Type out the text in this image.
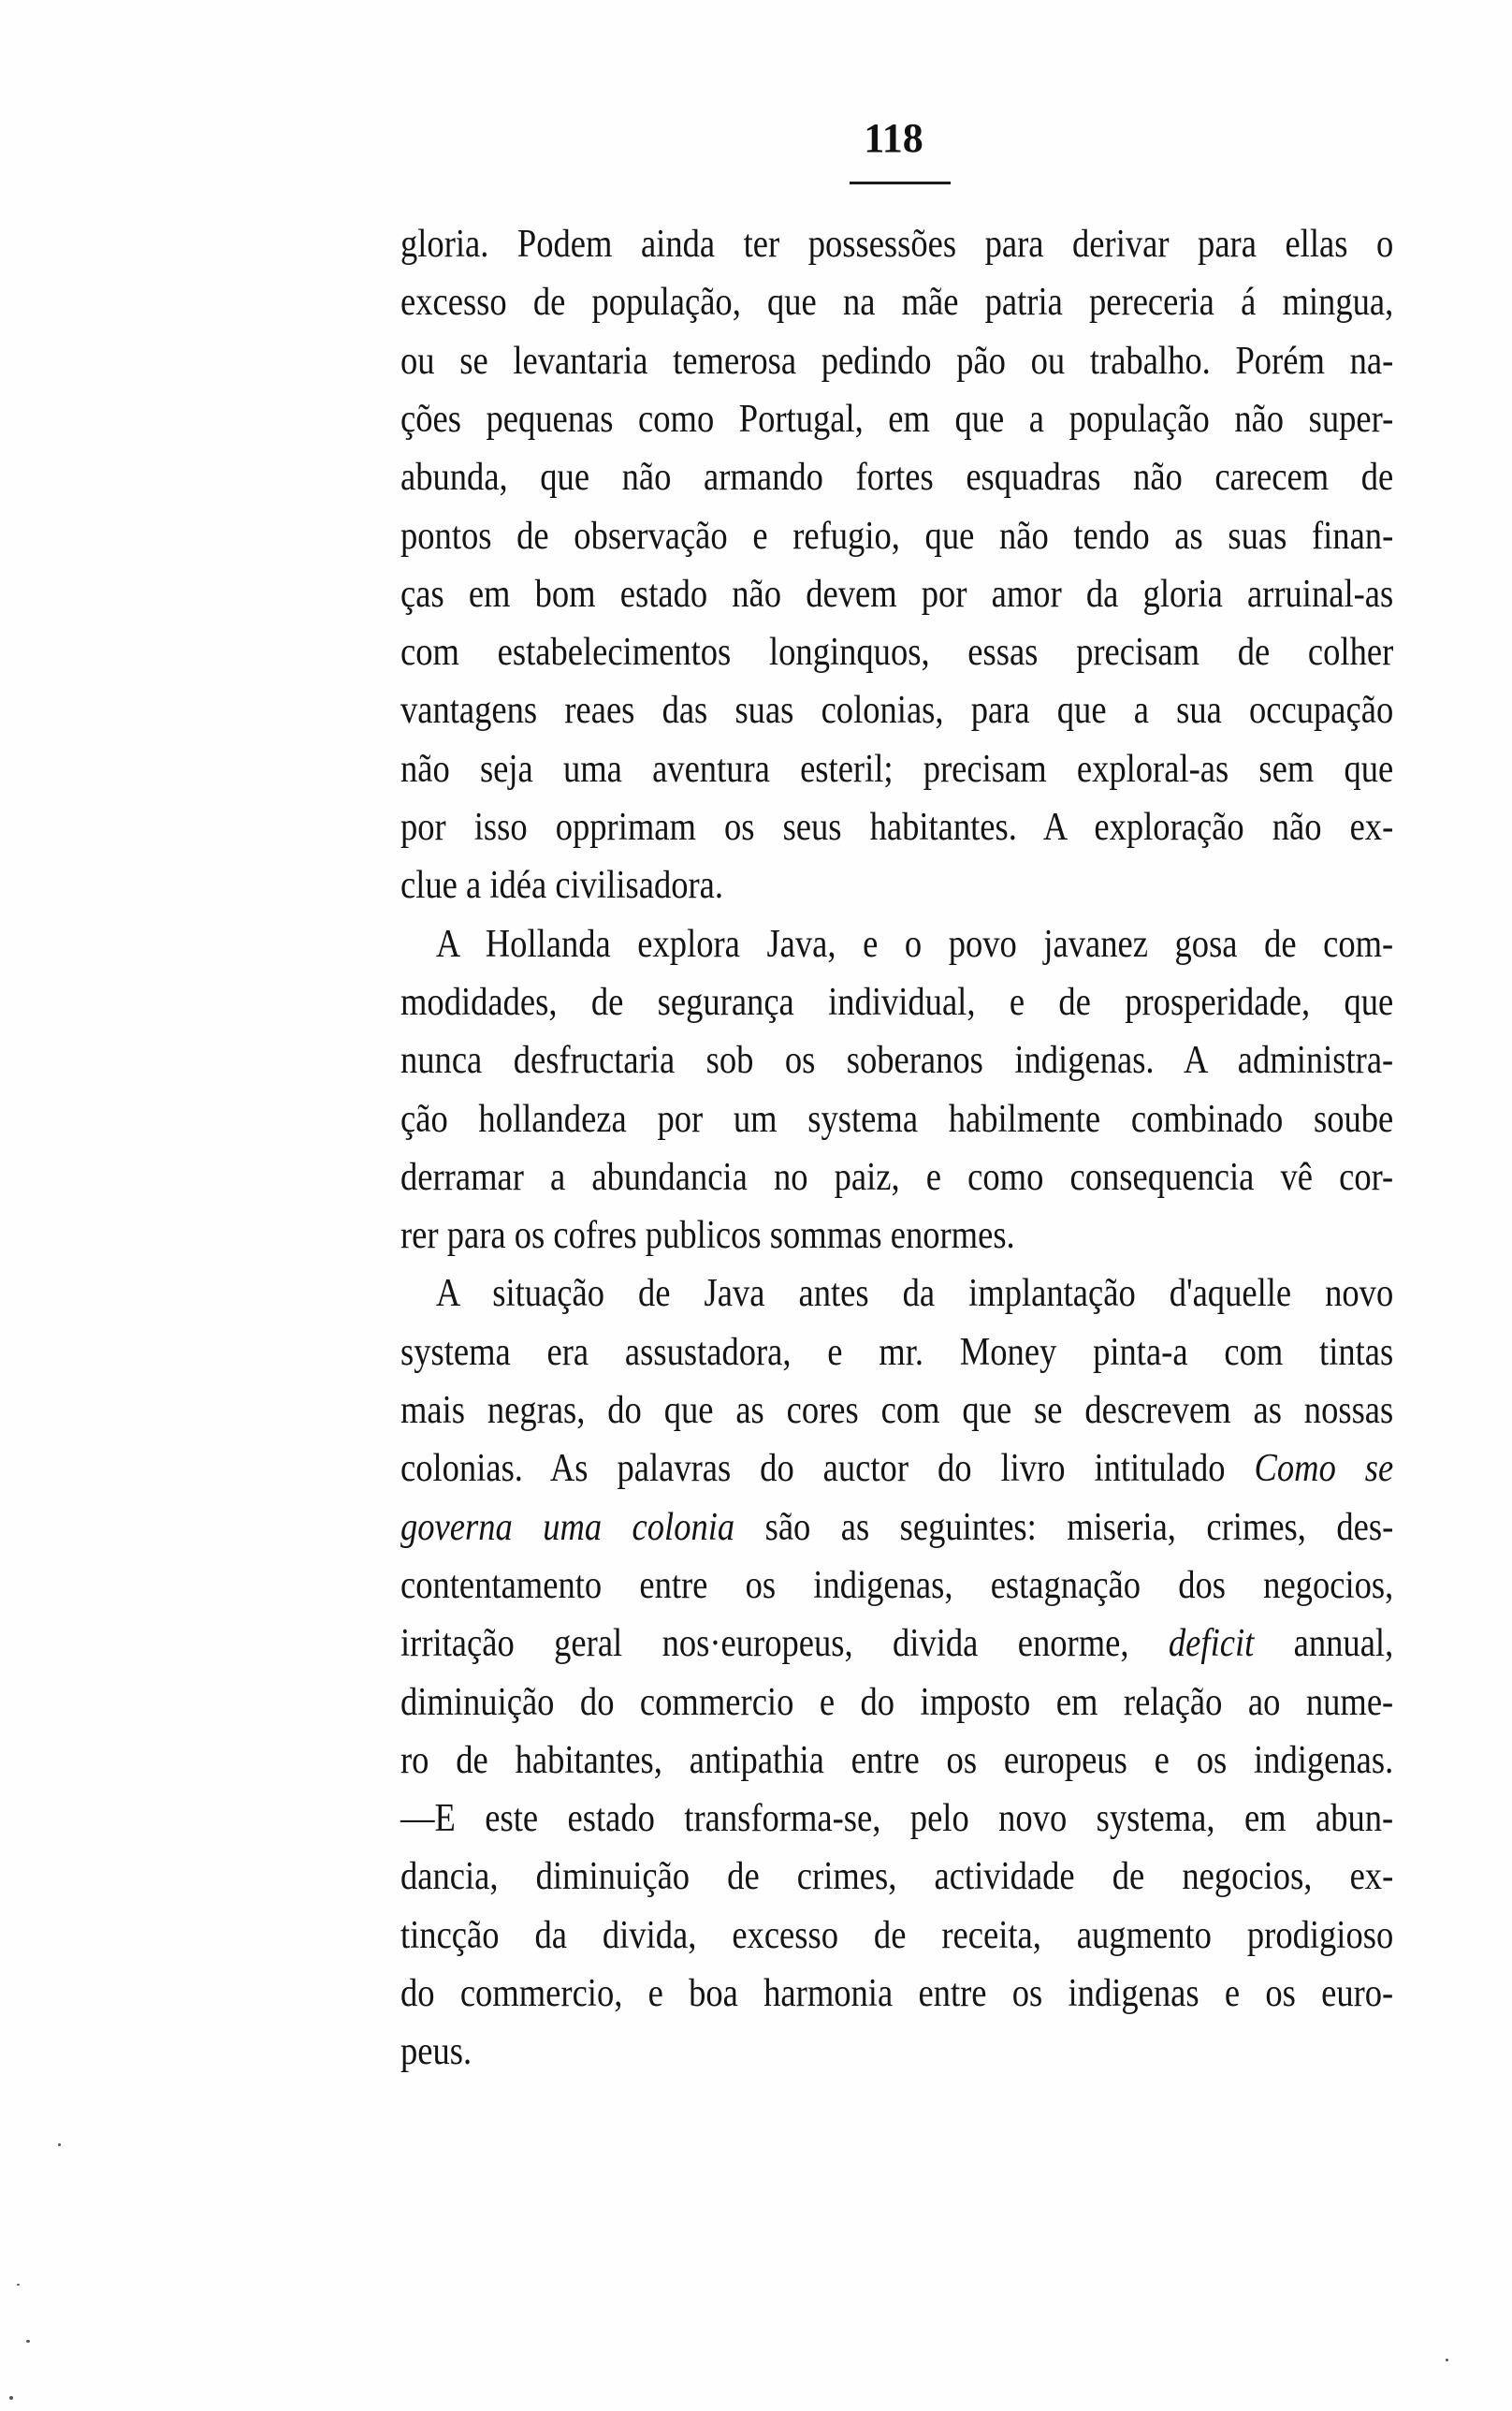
118
gloria. Podem ainda ter possessões para derivar para ellas o
excesso de população, que na mãe patria pereceria á mingua,
ou se levantaria temerosa pedindo pão ou trabalho. Porém na-
ções pequenas como Portugal, em que a população não super-
abunda, que não armando fortes esquadras não carecem de
pontos de observação e refugio, que não tendo as suas finan-
ças em bom estado não devem por amor da gloria arruinal-as
com estabelecimentos longinquos, essas precisam de colher
vantagens reaes das suas colonias, para que a sua occupação
não seja uma aventura esteril; precisam exploral-as sem que
por isso opprimam os seus habitantes. A exploração não ex-
clue a idéa civilisadora.
A Hollanda explora Java, e o povo javanez gosa de com-
modidades, de segurança individual, e de prosperidade, que
nunca desfructaria sob os soberanos indigenas. A administra-
ção hollandeza por um systema habilmente combinado soube
derramar a abundancia no paiz, e como consequencia vê cor-
rer para os cofres publicos sommas enormes.
A situação de Java antes da implantação d'aquelle novo
systema era assustadora, e mr. Money pinta-a com tintas
mais negras, do que as cores com que se descrevem as nossas
colonias. As palavras do auctor do livro intitulado Como se
governa uma colonia são as seguintes: miseria, crimes, des-
contentamento entre os indigenas, estagnação dos negocios,
irritação geral nos·europeus, divida enorme, deficit annual,
diminuição do commercio e do imposto em relação ao nume-
ro de habitantes, antipathia entre os europeus e os indigenas.
—E este estado transforma-se, pelo novo systema, em abun-
dancia, diminuição de crimes, actividade de negocios, ex-
tincção da divida, excesso de receita, augmento prodigioso
do commercio, e boa harmonia entre os indigenas e os euro-
peus.
